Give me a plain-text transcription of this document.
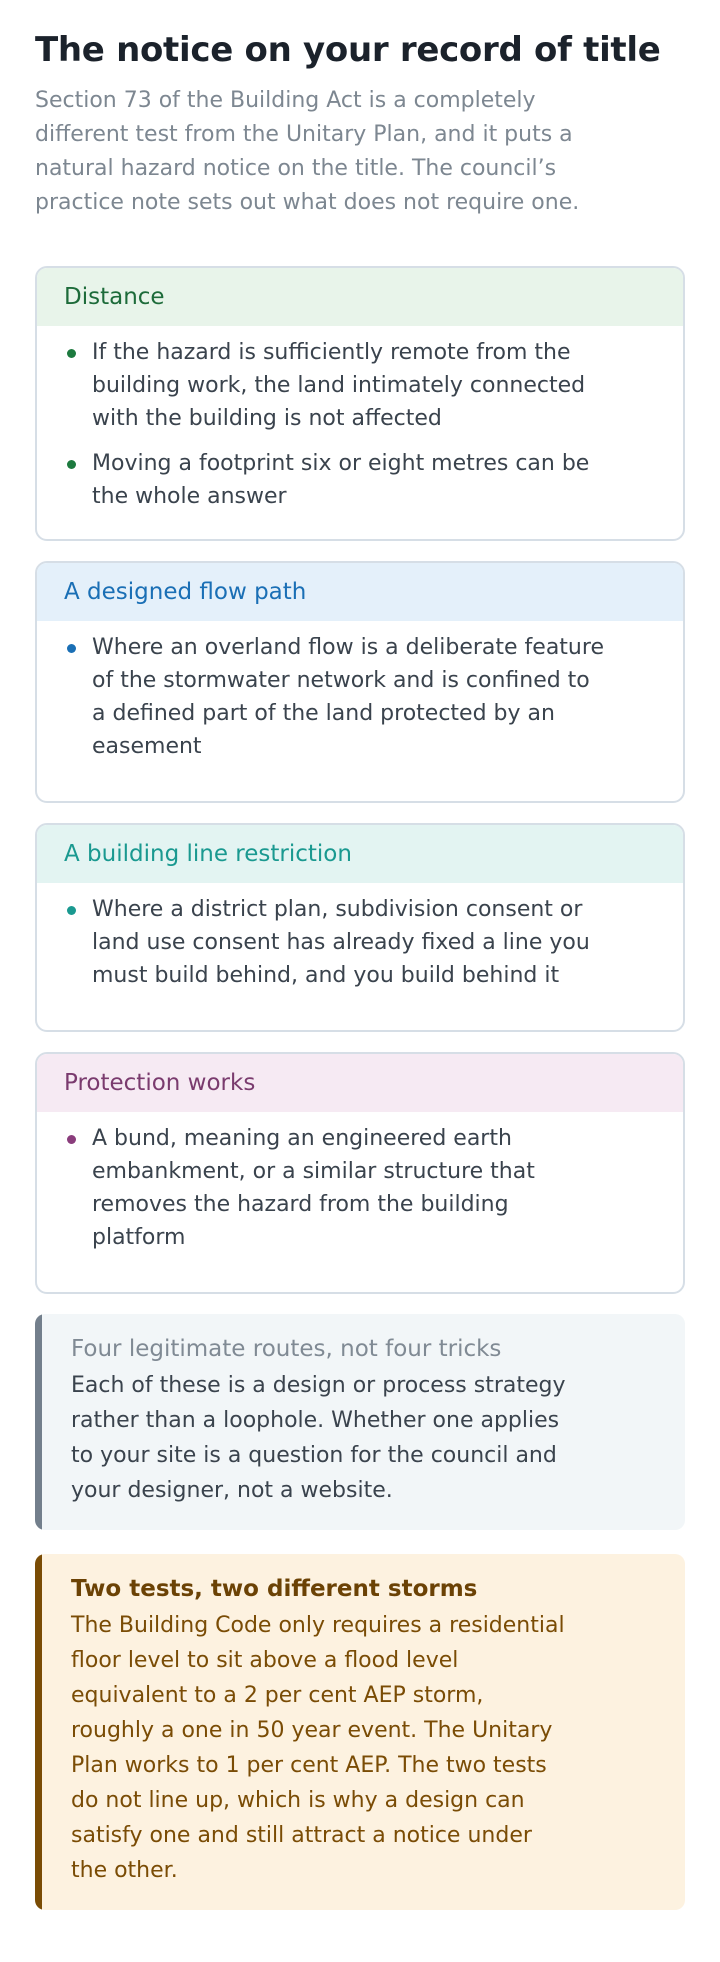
The notice on your record of title

Section 73 of the Building Act is a completely different test from the Unitary Plan, and it puts a natural hazard notice on the title. The council’s practice note sets out what does not require one.

Distance
If the hazard is sufficiently remote from the building work, the land intimately connected with the building is not affected
Moving a footprint six or eight metres can be the whole answer
A designed flow path
Where an overland flow is a deliberate feature of the stormwater network and is confined to a defined part of the land protected by an easement
A building line restriction
Where a district plan, subdivision consent or land use consent has already fixed a line you must build behind, and you build behind it
Protection works
A bund, meaning an engineered earth embankment, or a similar structure that removes the hazard from the building platform
Four legitimate routes, not four tricks
Each of these is a design or process strategy rather than a loophole. Whether one applies to your site is a question for the council and your designer, not a website.
Two tests, two different storms
The Building Code only requires a residential floor level to sit above a flood level equivalent to a 2 per cent AEP storm, roughly a one in 50 year event. The Unitary Plan works to 1 per cent AEP. The two tests do not line up, which is why a design can satisfy one and still attract a notice under the other.
